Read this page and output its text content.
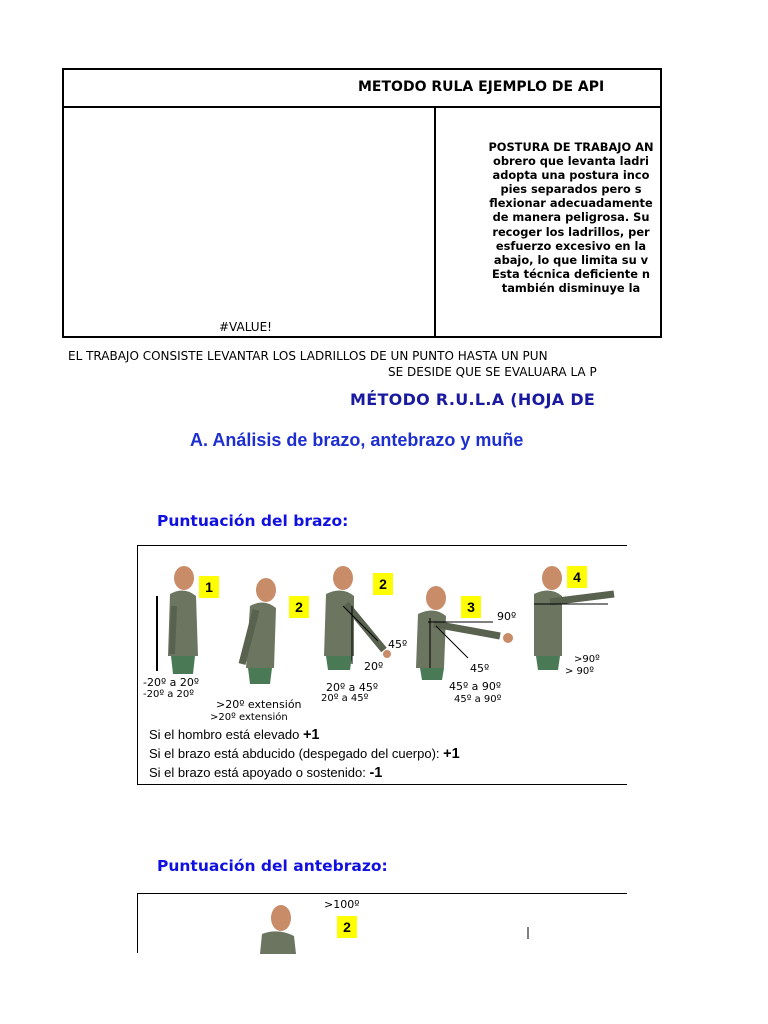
METODO RULA EJEMPLO DE API
#VALUE!
POSTURA DE TRABAJO AN
obrero que levanta ladri
adopta una postura inco
pies separados pero s
flexionar adecuadamente
de manera peligrosa. Su
recoger los ladrillos, per
esfuerzo excesivo en la
abajo, lo que limita su v
Esta técnica deficiente n
también disminuye la
EL TRABAJO CONSISTE LEVANTAR LOS LADRILLOS DE UN PUNTO HASTA UN PUN
SE DESIDE QUE SE EVALUARA LA P
MÉTODO R.U.L.A (HOJA DE
A. Análisis de brazo, antebrazo y muñe
Puntuación del brazo:
1
2
2
3
4
-20º a 20º
-20º a 20º
>20º extensión
>20º extensión
45º
20º
20º a 45º
20º a 45º
90º
45º
45º a 90º
45º a 90º
>90º
> 90º
Si el hombro está elevado +1
Si el brazo está abducido (despegado del cuerpo): +1
Si el brazo está apoyado o sostenido: -1
Puntuación del antebrazo:
>100º
2
